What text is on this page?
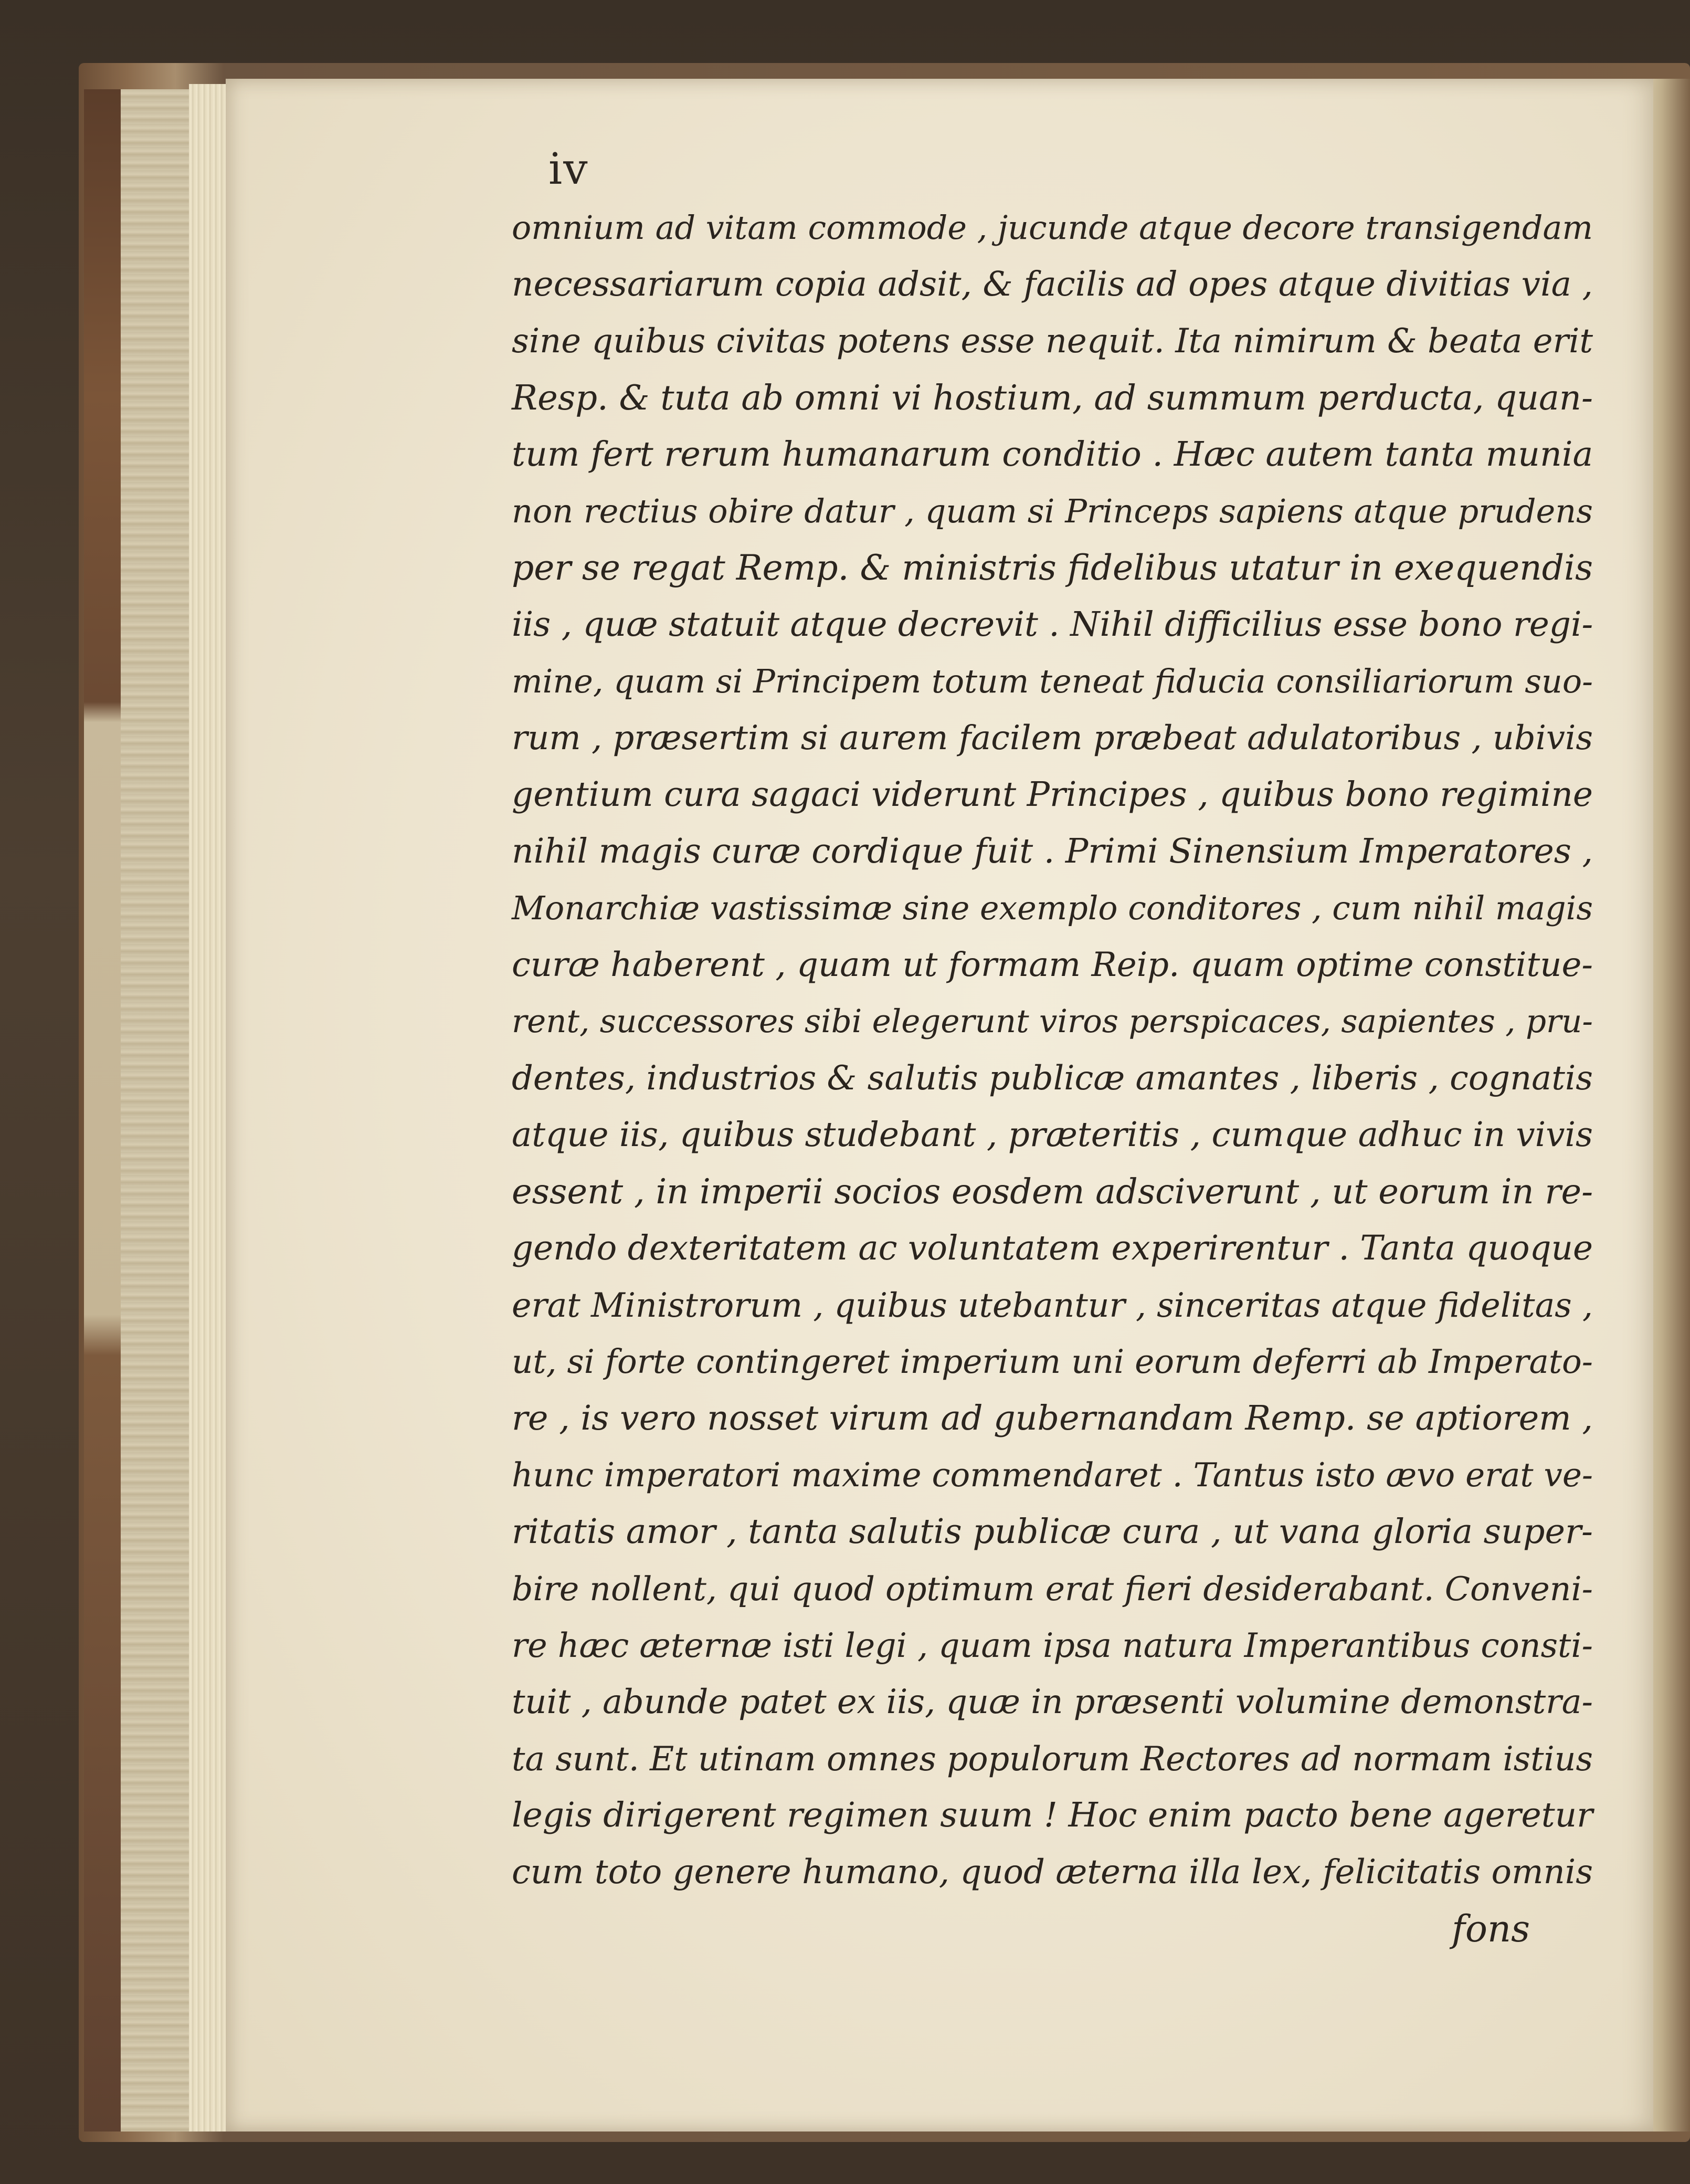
iv
omnium ad vitam commode , jucunde atque decore transigendam
necessariarum copia adsit, & facilis ad opes atque divitias via ,
sine quibus civitas potens esse nequit. Ita nimirum & beata erit
Resp. & tuta ab omni vi hostium, ad summum perducta, quan-
tum fert rerum humanarum conditio . Hæc autem tanta munia
non rectius obire datur , quam si Princeps sapiens atque prudens
per se regat Remp. & ministris fidelibus utatur in exequendis
iis , quæ statuit atque decrevit . Nihil difficilius esse bono regi-
mine, quam si Principem totum teneat fiducia consiliariorum suo-
rum , præsertim si aurem facilem præbeat adulatoribus , ubivis
gentium cura sagaci viderunt Principes , quibus bono regimine
nihil magis curæ cordique fuit . Primi Sinensium Imperatores ,
Monarchiæ vastissimæ sine exemplo conditores , cum nihil magis
curæ haberent , quam ut formam Reip. quam optime constitue-
rent, successores sibi elegerunt viros perspicaces, sapientes , pru-
dentes, industrios & salutis publicæ amantes , liberis , cognatis
atque iis, quibus studebant , præteritis , cumque adhuc in vivis
essent , in imperii socios eosdem adsciverunt , ut eorum in re-
gendo dexteritatem ac voluntatem experirentur . Tanta quoque
erat Ministrorum , quibus utebantur , sinceritas atque fidelitas ,
ut, si forte contingeret imperium uni eorum deferri ab Imperato-
re , is vero nosset virum ad gubernandam Remp. se aptiorem ,
hunc imperatori maxime commendaret . Tantus isto ævo erat ve-
ritatis amor , tanta salutis publicæ cura , ut vana gloria super-
bire nollent, qui quod optimum erat fieri desiderabant. Conveni-
re hæc æternæ isti legi , quam ipsa natura Imperantibus consti-
tuit , abunde patet ex iis, quæ in præsenti volumine demonstra-
ta sunt. Et utinam omnes populorum Rectores ad normam istius
legis dirigerent regimen suum ! Hoc enim pacto bene ageretur
cum toto genere humano, quod æterna illa lex, felicitatis omnis
fons
